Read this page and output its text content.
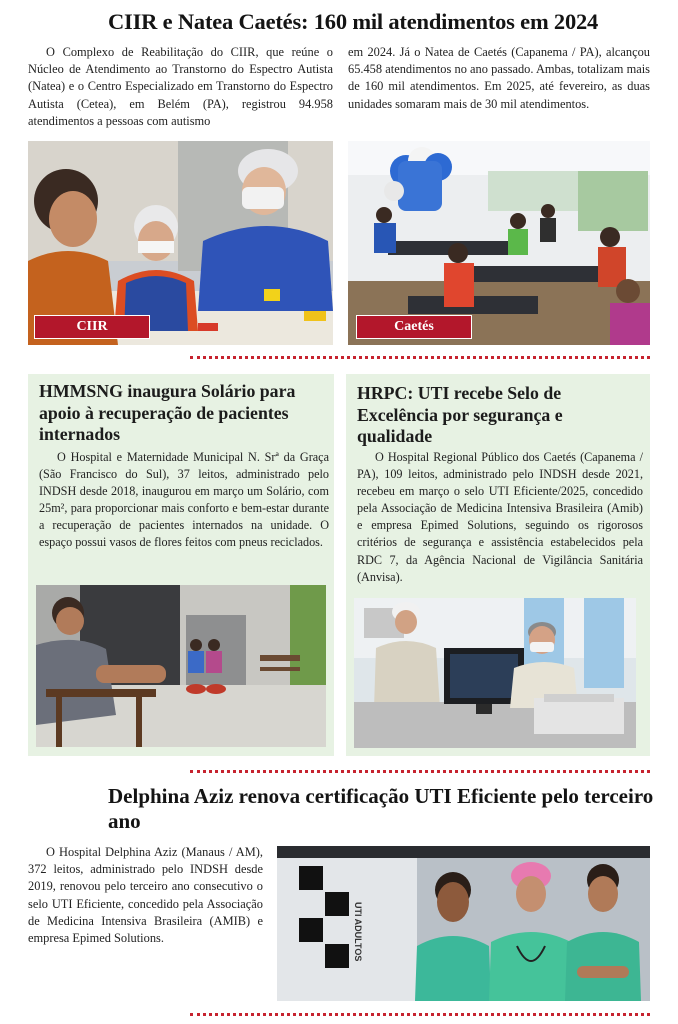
CIIR e Natea Caetés: 160 mil atendimentos em 2024

O Complexo de Reabilitação do CIIR, que reúne o Núcleo de Atendimento ao Transtorno do Espectro Autista (Natea) e o Centro Especializado em Transtorno do Espectro Autista (Cetea), em Belém (PA), registrou 94.958 atendimentos a pessoas com autismo

em 2024. Já o Natea de Caetés (Capanema / PA), alcançou 65.458 atendimentos no ano passado. Ambas, totalizam mais de 160 mil atendimentos. Em 2025, até fevereiro, as duas unidades somaram mais de 30 mil atendimentos.

CIIR	Caetés
HMMSNG inaugura Solário para apoio à recuperação de pacientes internados

O Hospital e Maternidade Municipal N. Srª da Graça (São Francisco do Sul), 37 leitos, administrado pelo INDSH desde 2018, inaugurou em março um Solário, com 25m², para proporcionar mais conforto e bem-estar durante a recuperação de pacientes internados na unidade. O espaço possui vasos de flores feitos com pneus reciclados.

HRPC: UTI recebe Selo de Excelência por segurança e qualidade

O Hospital Regional Público dos Caetés (Capanema / PA), 109 leitos, administrado pelo INDSH desde 2021, recebeu em março o selo UTI Eficiente/2025, concedido pela Associação de Medicina Intensiva Brasileira (Amib) e empresa Epimed Solutions, seguindo os rigorosos critérios de segurança e assistência estabelecidos pela RDC 7, da Agência Nacional de Vigilância Sanitária (Anvisa).

Delphina Aziz renova certificação UTI Eficiente pelo terceiro ano

O Hospital Delphina Aziz (Manaus / AM), 372 leitos, administrado pelo INDSH desde 2019, renovou pelo terceiro ano consecutivo o selo UTI Eficiente, concedido pela Associação de Medicina Intensiva Brasileira (AMIB) e empresa Epimed Solutions.	UTI ADULTOS
